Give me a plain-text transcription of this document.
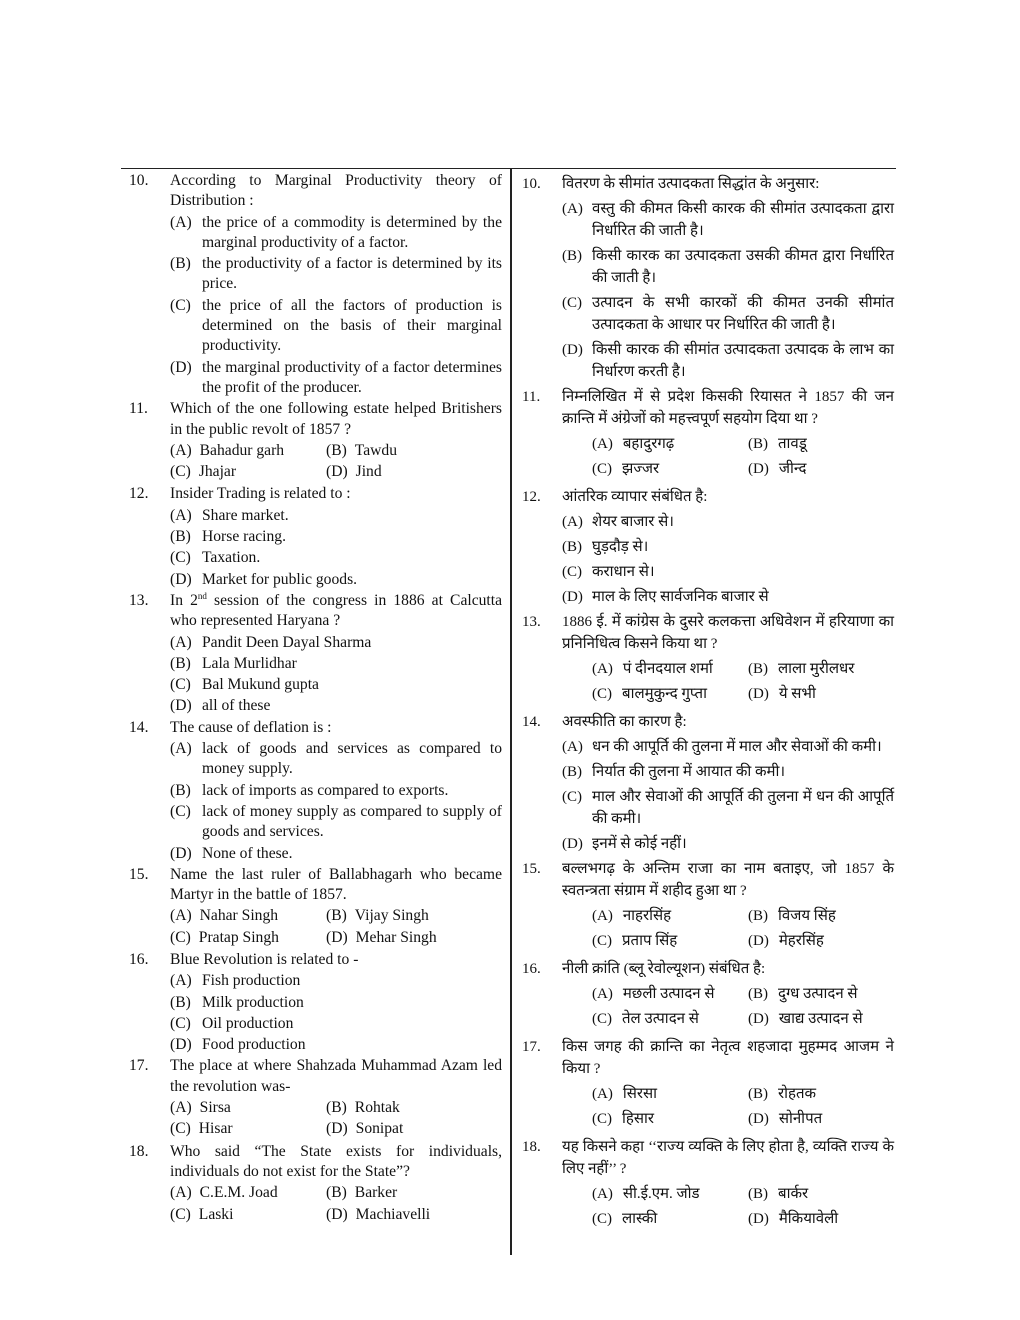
10. According to Marginal Productivity theory of Distribution :
(A) the price of a commodity is determined by the marginal productivity of a factor.
(B) the productivity of a factor is determined by its price.
(C) the price of all the factors of production is determined on the basis of their marginal productivity.
(D) the marginal productivity of a factor determines the profit of the producer.
11. Which of the one following estate helped Britishers in the public revolt of 1857 ?
(A) Bahadur garh	(B) Tawdu
(C) Jhajar	(D) Jind
12. Insider Trading is related to :
(A) Share market.
(B) Horse racing.
(C) Taxation.
(D) Market for public goods.
13. In 2nd session of the congress in 1886 at Calcutta who represented Haryana ?
(A) Pandit Deen Dayal Sharma
(B) Lala Murlidhar
(C) Bal Mukund gupta
(D) all of these
14. The cause of deflation is :
(A) lack of goods and services as compared to money supply.
(B) lack of imports as compared to exports.
(C) lack of money supply as compared to supply of goods and services.
(D) None of these.
15. Name the last ruler of Ballabhagarh who became Martyr in the battle of 1857.
(A) Nahar Singh	(B) Vijay Singh
(C) Pratap Singh	(D) Mehar Singh
16. Blue Revolution is related to -
(A) Fish production
(B) Milk production
(C) Oil production
(D) Food production
17. The place at where Shahzada Muhammad Azam led the revolution was-
(A) Sirsa	(B) Rohtak
(C) Hisar	(D) Sonipat
18. Who said “The State exists for individuals, individuals do not exist for the State”?
(A) C.E.M. Joad	(B) Barker
(C) Laski	(D) Machiavelli
10. वितरण के सीमांत उत्पादकता सिद्धांत के अनुसार:
(A) वस्तु की कीमत किसी कारक की सीमांत उत्पादकता द्वारा निर्धारित की जाती है।
(B) किसी कारक का उत्पादकता उसकी कीमत द्वारा निर्धारित की जाती है।
(C) उत्पादन के सभी कारकों की कीमत उनकी सीमांत उत्पादकता के आधार पर निर्धारित की जाती है।
(D) किसी कारक की सीमांत उत्पादकता उत्पादक के लाभ का निर्धारण करती है।
11. निम्नलिखित में से प्रदेश किसकी रियासत ने 1857 की जन क्रान्ति में अंग्रेजों को महत्त्वपूर्ण सहयोग दिया था ?
(A) बहादुरगढ़	(B) तावडू
(C) झज्जर	(D) जीन्द
12. आंतरिक व्यापार संबंधित है:
(A) शेयर बाजार से।
(B) घुड़दौड़ से।
(C) कराधान से।
(D) माल के लिए सार्वजनिक बाजार से
13. 1886 ई. में कांग्रेस के दुसरे कलकत्ता अधिवेशन में हरियाणा का प्रनिनिधित्व किसने किया था ?
(A) पं दीनदयाल शर्मा	(B) लाला मुरीलधर
(C) बालमुकुन्द गुप्ता	(D) ये सभी
14. अवस्फीति का कारण है:
(A) धन की आपूर्ति की तुलना में माल और सेवाओं की कमी।
(B) निर्यात की तुलना में आयात की कमी।
(C) माल और सेवाओं की आपूर्ति की तुलना में धन की आपूर्ति की कमी।
(D) इनमें से कोई नहीं।
15. बल्लभगढ़ के अन्तिम राजा का नाम बताइए, जो 1857 के स्वतन्त्रता संग्राम में शहीद हुआ था ?
(A) नाहरसिंह	(B) विजय सिंह
(C) प्रताप सिंह	(D) मेहरसिंह
16. नीली क्रांति (ब्लू रेवोल्यूशन) संबंधित है:
(A) मछली उत्पादन से	(B) दुग्ध उत्पादन से
(C) तेल उत्पादन से	(D) खाद्य उत्पादन से
17. किस जगह की क्रान्ति का नेतृत्व शहजादा मुहम्मद आजम ने किया ?
(A) सिरसा	(B) रोहतक
(C) हिसार	(D) सोनीपत
18. यह किसने कहा ‘‘राज्य व्यक्ति के लिए होता है, व्यक्ति राज्य के लिए नहीं’’ ?
(A) सी.ई.एम. जोड	(B) बार्कर
(C) लास्की	(D) मैकियावेली
